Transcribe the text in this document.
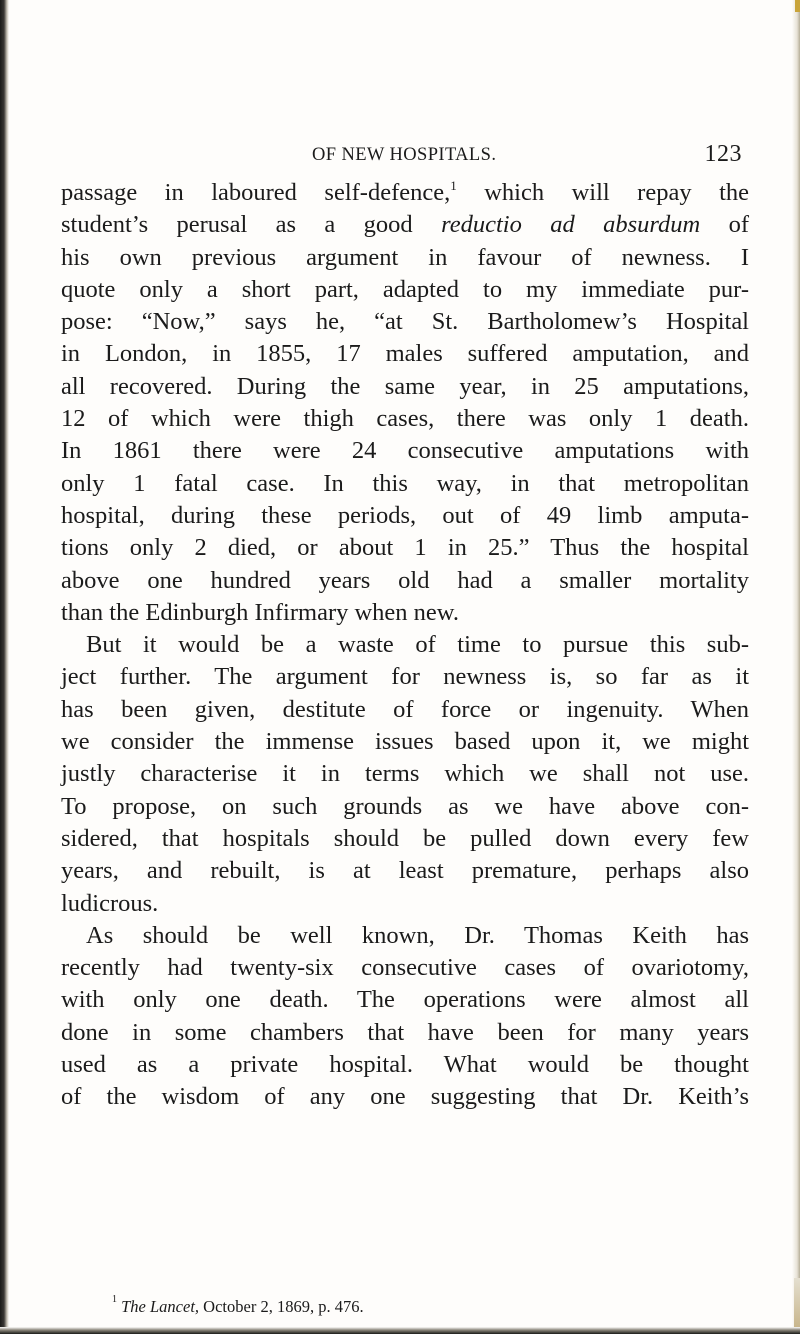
OF NEW HOSPITALS.	123
passage in laboured self-defence,$^1$ which will repay the
student’s perusal as a good reductio ad absurdum of
his own previous argument in favour of newness. I
quote only a short part, adapted to my immediate pur-
pose: “Now,” says he, “at St. Bartholomew’s Hospital
in London, in 1855, 17 males suffered amputation, and
all recovered. During the same year, in 25 amputations,
12 of which were thigh cases, there was only 1 death.
In 1861 there were 24 consecutive amputations with
only 1 fatal case. In this way, in that metropolitan
hospital, during these periods, out of 49 limb amputa-
tions only 2 died, or about 1 in 25.” Thus the hospital
above one hundred years old had a smaller mortality
than the Edinburgh Infirmary when new.
But it would be a waste of time to pursue this sub-
ject further. The argument for newness is, so far as it
has been given, destitute of force or ingenuity. When
we consider the immense issues based upon it, we might
justly characterise it in terms which we shall not use.
To propose, on such grounds as we have above con-
sidered, that hospitals should be pulled down every few
years, and rebuilt, is at least premature, perhaps also
ludicrous.
As should be well known, Dr. Thomas Keith has
recently had twenty-six consecutive cases of ovariotomy,
with only one death. The operations were almost all
done in some chambers that have been for many years
used as a private hospital. What would be thought
of the wisdom of any one suggesting that Dr. Keith’s
$^1$ The Lancet, October 2, 1869, p. 476.
